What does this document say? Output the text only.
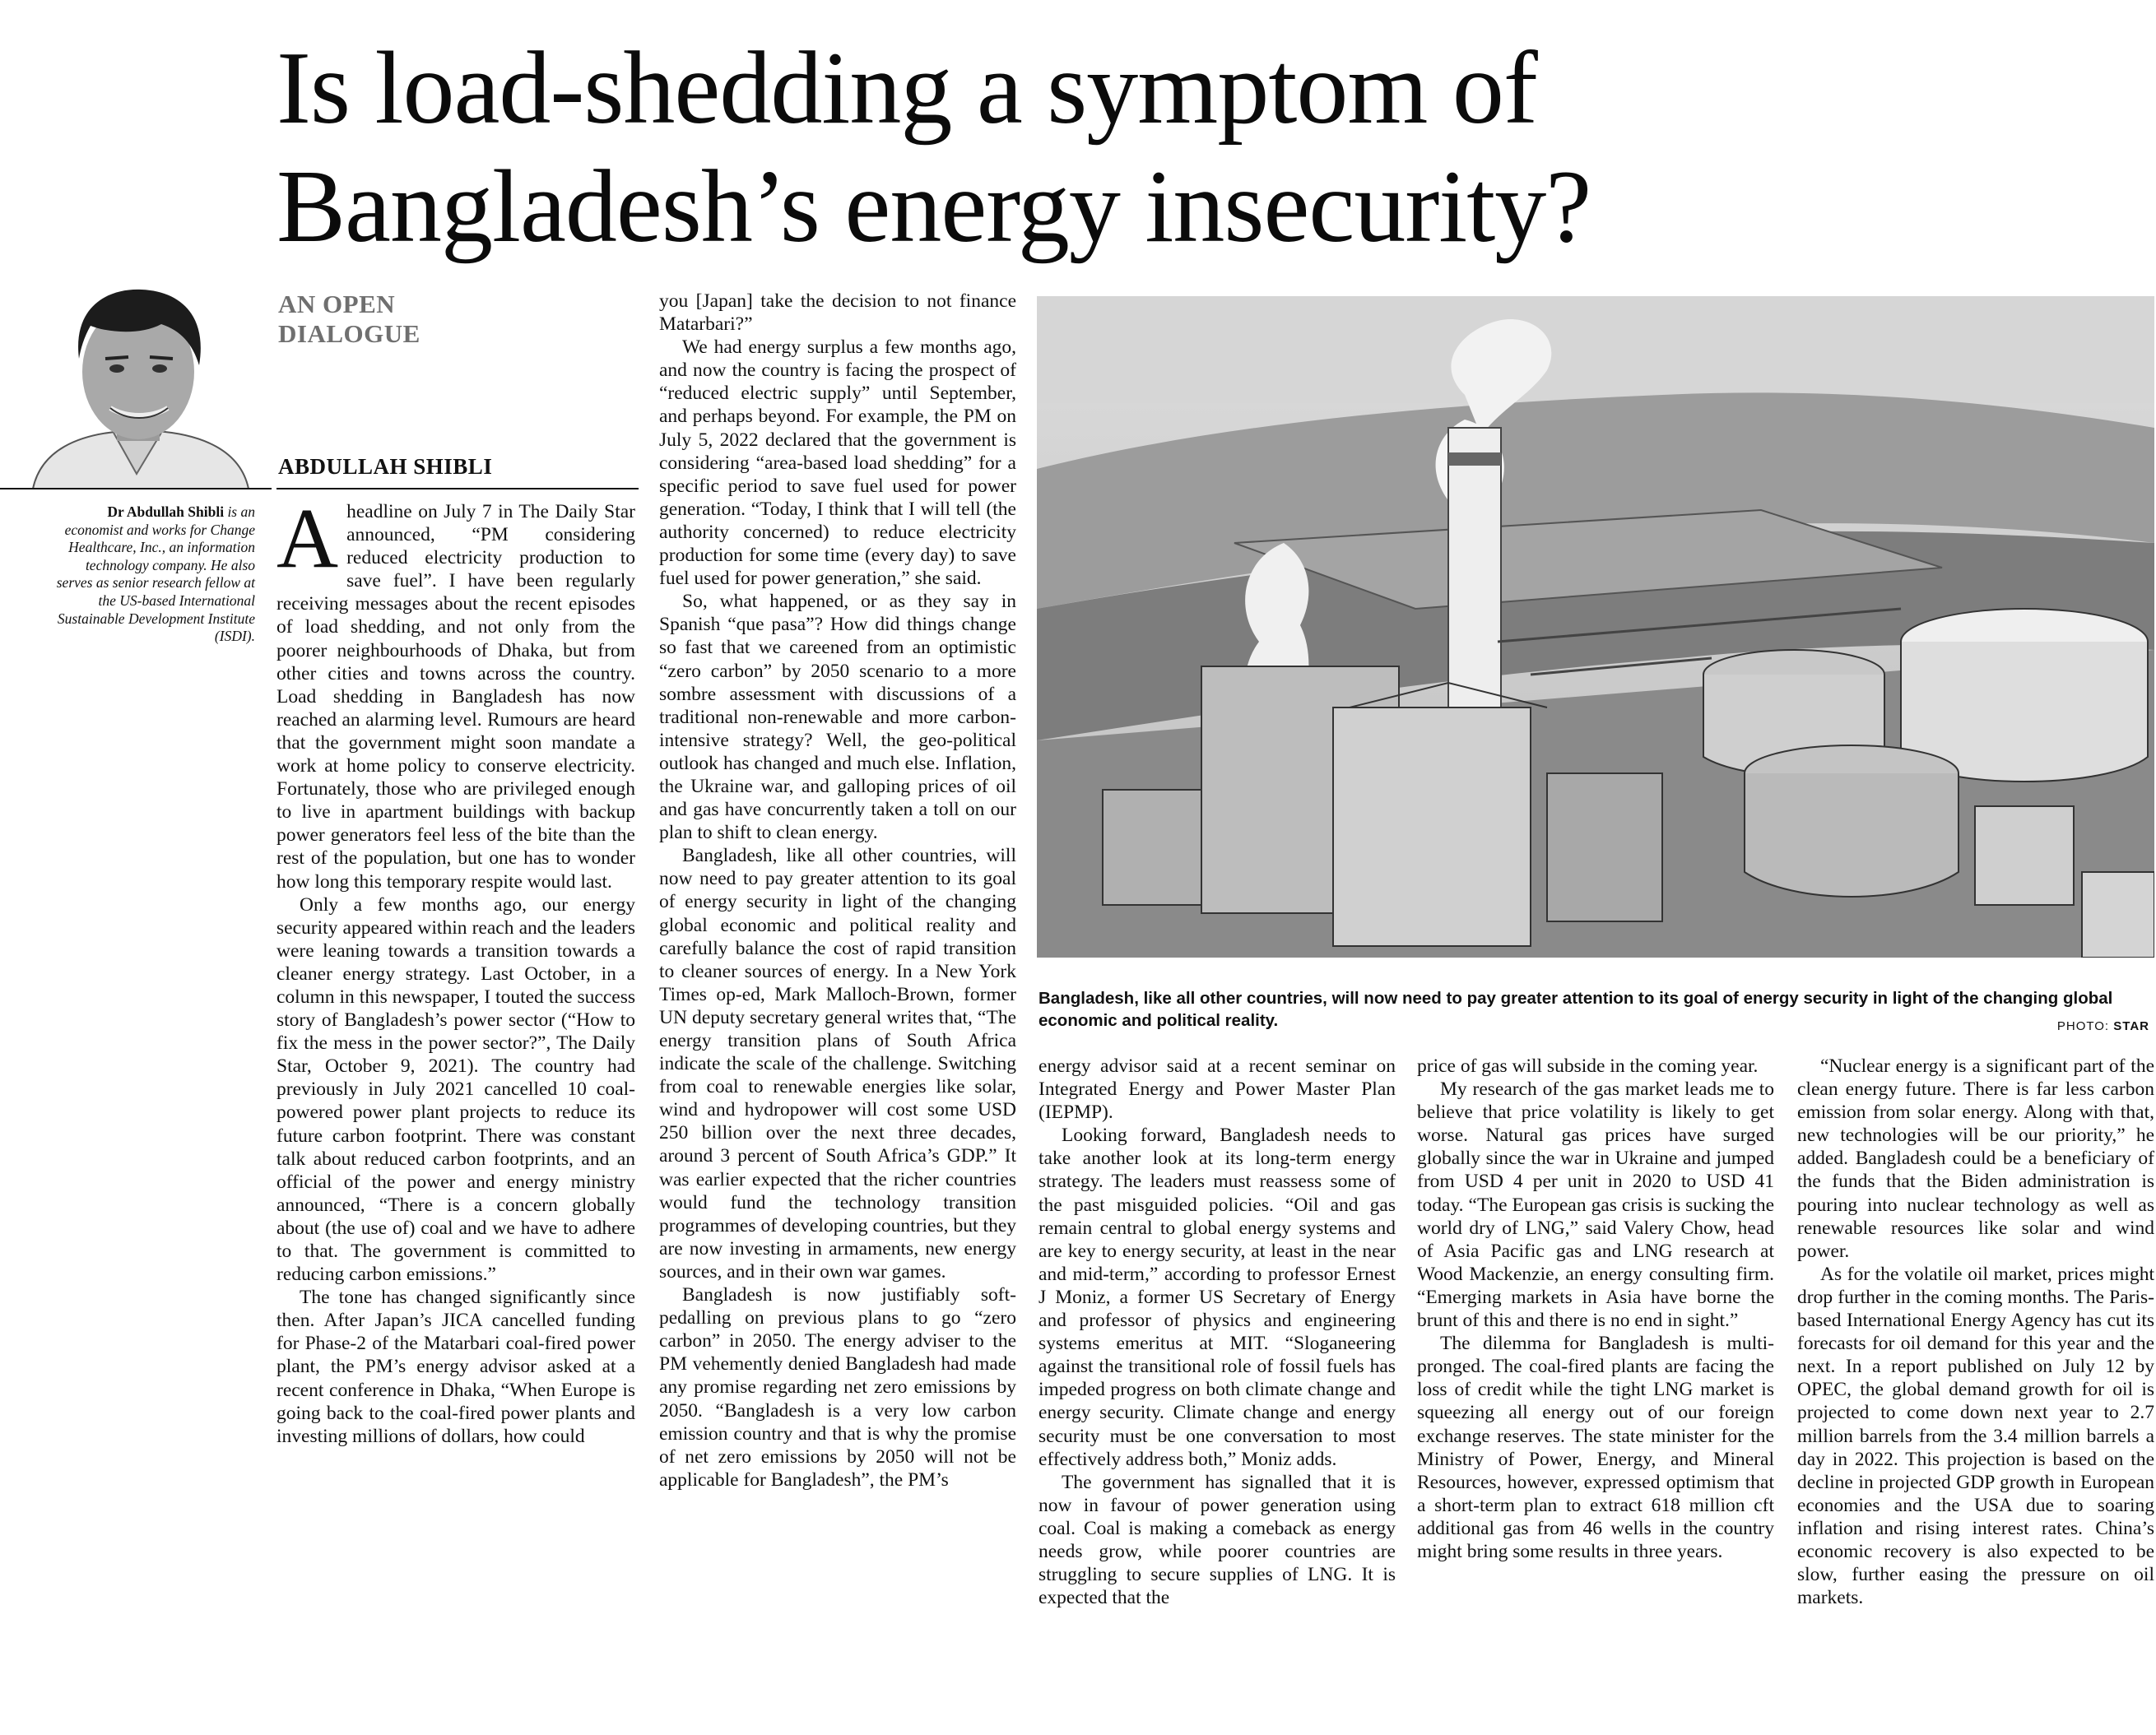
Is load-shedding a symptom of
Bangladesh’s energy insecurity?
AN OPEN
DIALOGUE
ABDULLAH SHIBLI
Dr Abdullah Shibli is an economist and works for Change Healthcare, Inc., an information technology company. He also serves as senior research fellow at the US-based International Sustainable Development Institute (ISDI).

Aheadline on July 7 in The Daily Star announced, “PM considering reduced electricity production to save fuel”. I have been regularly receiving messages about the recent episodes of load shedding, and not only from the poorer neighbourhoods of Dhaka, but from other cities and towns across the country. Load shedding in Bangladesh has now reached an alarming level. Rumours are heard that the government might soon mandate a work at home policy to conserve electricity. Fortunately, those who are privileged enough to live in apartment buildings with backup power generators feel less of the bite than the rest of the population, but one has to wonder how long this temporary respite would last.

Only a few months ago, our energy security appeared within reach and the leaders were leaning towards a transition towards a cleaner energy strategy. Last October, in a column in this newspaper, I touted the success story of Bangladesh’s power sector (“How to fix the mess in the power sector?”, The Daily Star, October 9, 2021). The country had previously in July 2021 cancelled 10 coal-powered power plant projects to reduce its future carbon footprint. There was constant talk about reduced carbon footprints, and an official of the power and energy ministry announced, “There is a concern globally about (the use of) coal and we have to adhere to that. The government is committed to reducing carbon emissions.”

The tone has changed significantly since then. After Japan’s JICA cancelled funding for Phase-2 of the Matarbari coal-fired power plant, the PM’s energy advisor asked at a recent conference in Dhaka, “When Europe is going back to the coal-fired power plants and investing millions of dollars, how could

you [Japan] take the decision to not finance Matarbari?”

We had energy surplus a few months ago, and now the country is facing the prospect of “reduced electric supply” until September, and perhaps beyond. For example, the PM on July 5, 2022 declared that the government is considering “area-based load shedding” for a specific period to save fuel used for power generation. “Today, I think that I will tell (the authority concerned) to reduce electricity production for some time (every day) to save fuel used for power generation,” she said.

So, what happened, or as they say in Spanish “que pasa”? How did things change so fast that we careened from an optimistic “zero carbon” by 2050 scenario to a more sombre assessment with discussions of a traditional non-renewable and more carbon-intensive strategy? Well, the geo-political outlook has changed and much else. Inflation, the Ukraine war, and galloping prices of oil and gas have concurrently taken a toll on our plan to shift to clean energy.

Bangladesh, like all other countries, will now need to pay greater attention to its goal of energy security in light of the changing global economic and political reality and carefully balance the cost of rapid transition to cleaner sources of energy. In a New York Times op-ed, Mark Malloch-Brown, former UN deputy secretary general writes that, “The energy transition plans of South Africa indicate the scale of the challenge. Switching from coal to renewable energies like solar, wind and hydropower will cost some USD 250 billion over the next three decades, around 3 percent of South Africa’s GDP.” It was earlier expected that the richer countries would fund the technology transition programmes of developing countries, but they are now investing in armaments, new energy sources, and in their own war games.

Bangladesh is now justifiably soft-pedalling on previous plans to go “zero carbon” in 2050. The energy adviser to the PM vehemently denied Bangladesh had made any promise regarding net zero emissions by 2050. “Bangladesh is a very low carbon emission country and that is why the promise of net zero emissions by 2050 will not be applicable for Bangladesh”, the PM’s

Bangladesh, like all other countries, will now need to pay greater attention to its goal of energy security in light of the changing global economic and political reality.	PHOTO: STAR

energy advisor said at a recent seminar on Integrated Energy and Power Master Plan (IEPMP).

Looking forward, Bangladesh needs to take another look at its long-term energy strategy. The leaders must reassess some of the past misguided policies. “Oil and gas remain central to global energy systems and are key to energy security, at least in the near and mid-term,” according to professor Ernest J Moniz, a former US Secretary of Energy and professor of physics and engineering systems emeritus at MIT. “Sloganeering against the transitional role of fossil fuels has impeded progress on both climate change and energy security. Climate change and energy security must be one conversation to most effectively address both,” Moniz adds.

The government has signalled that it is now in favour of power generation using coal. Coal is making a comeback as energy needs grow, while poorer countries are struggling to secure supplies of LNG. It is expected that the

price of gas will subside in the coming year.

My research of the gas market leads me to believe that price volatility is likely to get worse. Natural gas prices have surged globally since the war in Ukraine and jumped from USD 4 per unit in 2020 to USD 41 today. “The European gas crisis is sucking the world dry of LNG,” said Valery Chow, head of Asia Pacific gas and LNG research at Wood Mackenzie, an energy consulting firm. “Emerging markets in Asia have borne the brunt of this and there is no end in sight.”

The dilemma for Bangladesh is multi-pronged. The coal-fired plants are facing the loss of credit while the tight LNG market is squeezing all energy out of our foreign exchange reserves. The state minister for the Ministry of Power, Energy, and Mineral Resources, however, expressed optimism that a short-term plan to extract 618 million cft additional gas from 46 wells in the country might bring some results in three years.

“Nuclear energy is a significant part of the clean energy future. There is far less carbon emission from solar energy. Along with that, new technologies will be our priority,” he added. Bangladesh could be a beneficiary of the funds that the Biden administration is pouring into nuclear technology as well as renewable resources like solar and wind power.

As for the volatile oil market, prices might drop further in the coming months. The Paris-based International Energy Agency has cut its forecasts for oil demand for this year and the next. In a report published on July 12 by OPEC, the global demand growth for oil is projected to come down next year to 2.7 million barrels from the 3.4 million barrels a day in 2022. This projection is based on the decline in projected GDP growth in European economies and the USA due to soaring inflation and rising interest rates. China’s economic recovery is also expected to be slow, further easing the pressure on oil markets.
